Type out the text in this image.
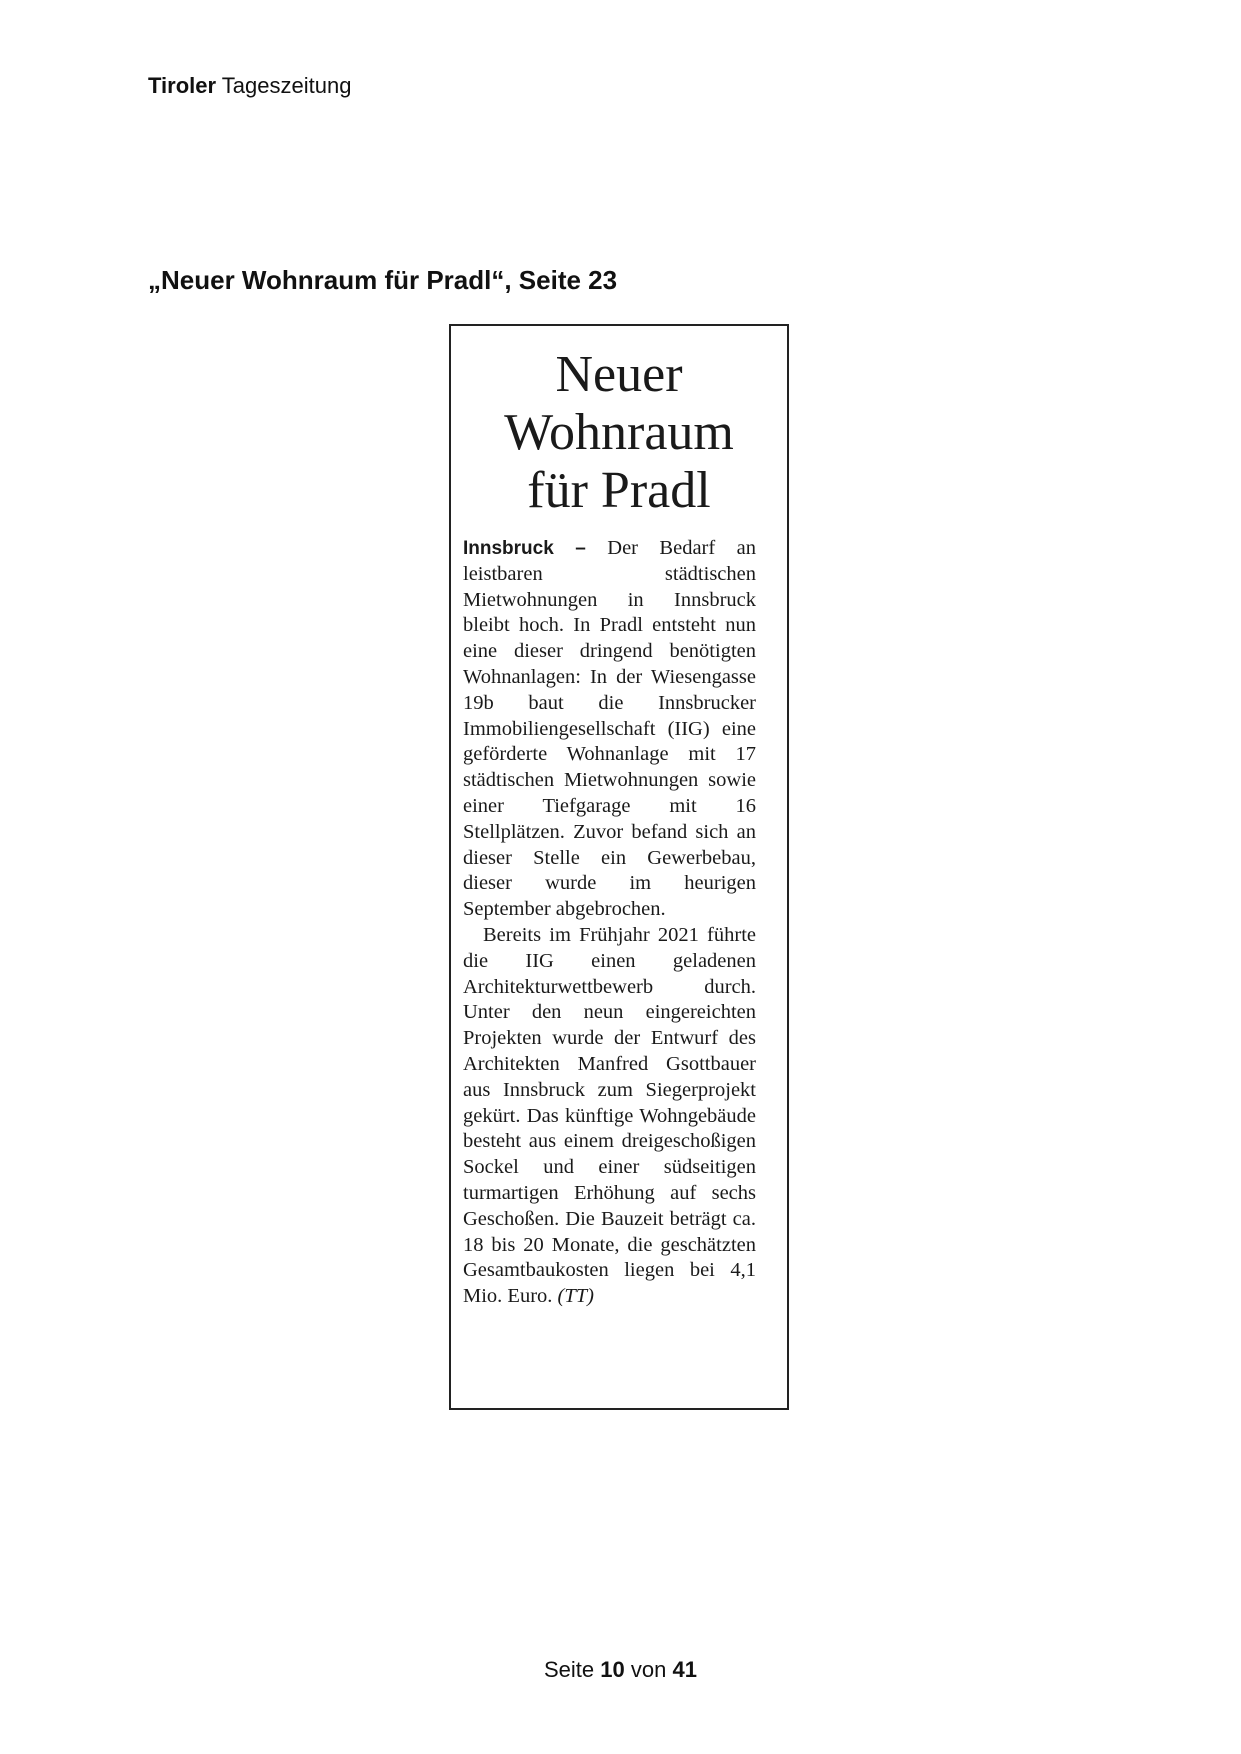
Tiroler Tageszeitung
„Neuer Wohnraum für Pradl“, Seite 23
Neuer
Wohnraum
für Pradl

Innsbruck – Der Bedarf an leistbaren städtischen Mietwohnungen in Innsbruck bleibt hoch. In Pradl entsteht nun eine dieser dringend benötigten Wohnanlagen: In der Wiesengasse 19b baut die Innsbrucker Immobiliengesellschaft (IIG) eine geförderte Wohnanlage mit 17 städtischen Mietwohnungen sowie einer Tiefgarage mit 16 Stellplätzen. Zuvor befand sich an dieser Stelle ein Gewerbebau, dieser wurde im heurigen September abgebrochen.

Bereits im Frühjahr 2021 führte die IIG einen geladenen Architekturwettbewerb durch. Unter den neun eingereichten Projekten wurde der Entwurf des Architekten Manfred Gsottbauer aus Innsbruck zum Siegerprojekt gekürt. Das künftige Wohngebäude besteht aus einem dreigeschoßigen Sockel und einer südseitigen turmartigen Erhöhung auf sechs Geschoßen. Die Bauzeit beträgt ca. 18 bis 20 Monate, die geschätzten Gesamtbaukosten liegen bei 4,1 Mio. Euro. (TT)

Seite 10 von 41
